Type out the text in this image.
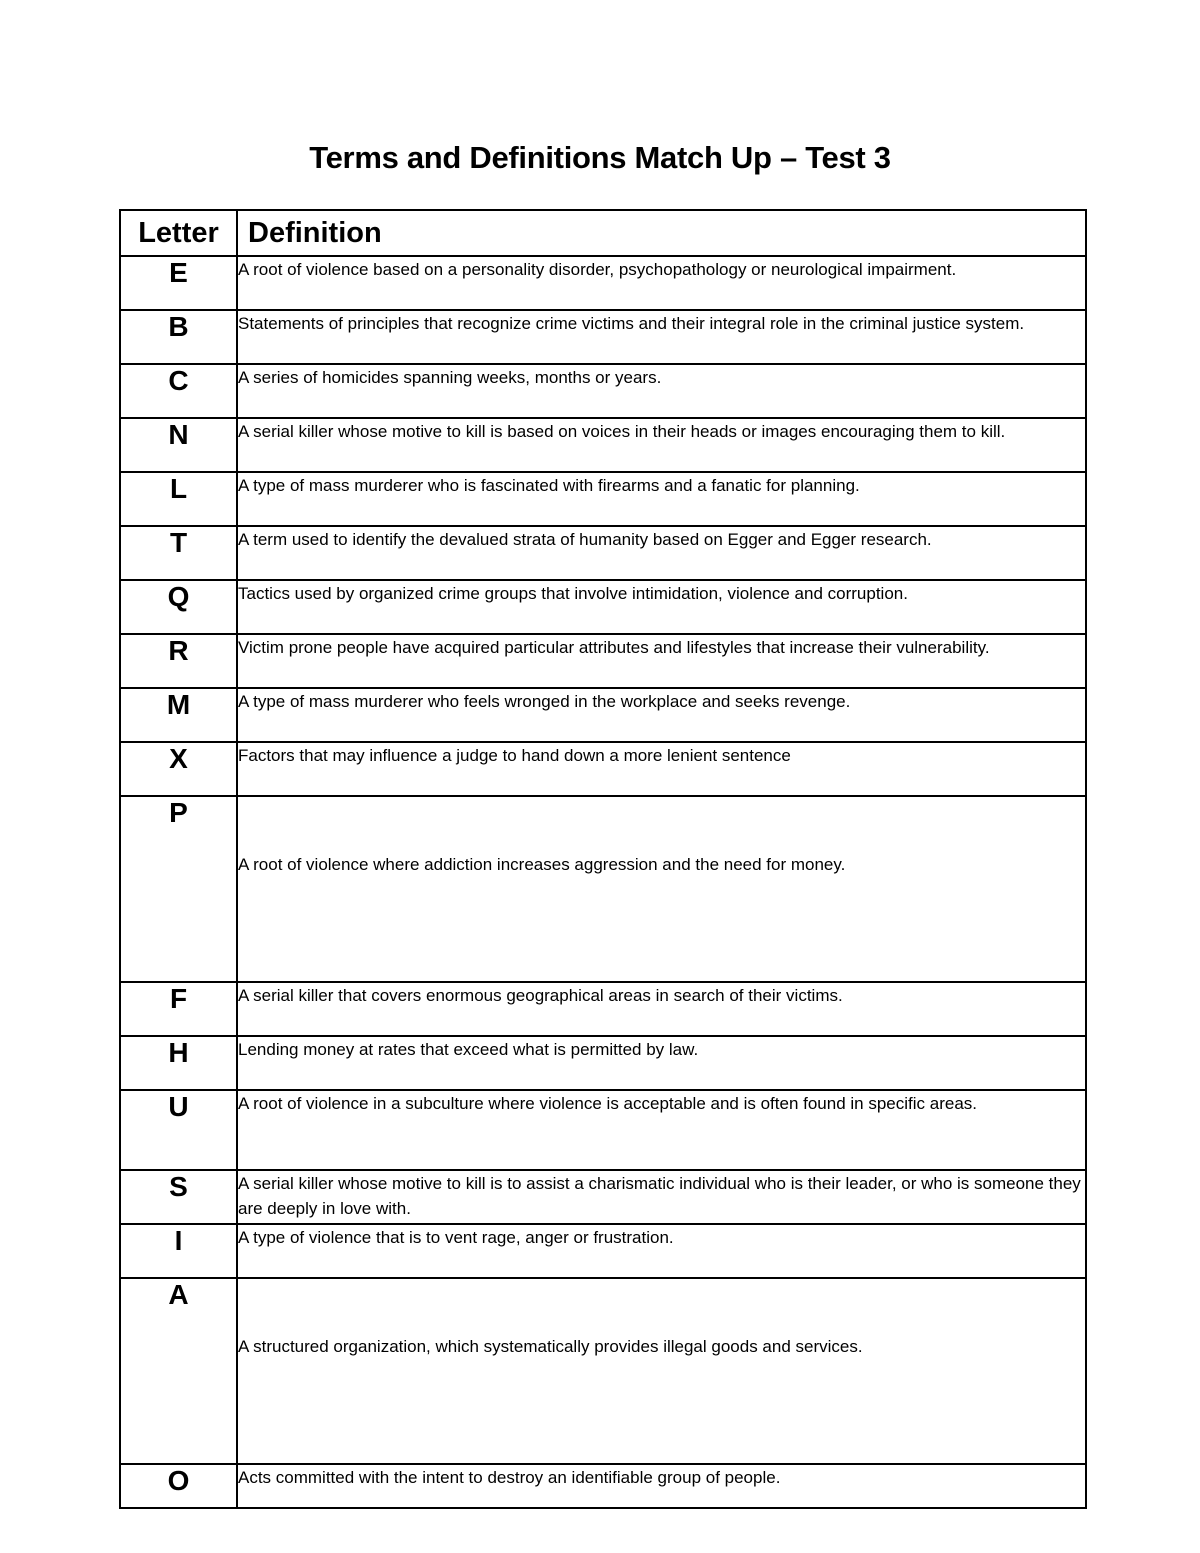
Terms and Definitions Match Up – Test 3
Letter	Definition
E	A root of violence based on a personality disorder, psychopathology or neurological impairment.
B	Statements of principles that recognize crime victims and their integral role in the criminal justice system.
C	A series of homicides spanning weeks, months or years.
N	A serial killer whose motive to kill is based on voices in their heads or images encouraging them to kill.
L	A type of mass murderer who is fascinated with firearms and a fanatic for planning.
T	A term used to identify the devalued strata of humanity based on Egger and Egger research.
Q	Tactics used by organized crime groups that involve intimidation, violence and corruption.
R	Victim prone people have acquired particular attributes and lifestyles that increase their vulnerability.
M	A type of mass murderer who feels wronged in the workplace and seeks revenge.
X	Factors that may influence a judge to hand down a more lenient sentence
P	A root of violence where addiction increases aggression and the need for money.
F	A serial killer that covers enormous geographical areas in search of their victims.
H	Lending money at rates that exceed what is permitted by law.
U	A root of violence in a subculture where violence is acceptable and is often found in specific areas.
S	A serial killer whose motive to kill is to assist a charismatic individual who is their leader, or who is someone they are deeply in love with.
I	A type of violence that is to vent rage, anger or frustration.
A	A structured organization, which systematically provides illegal goods and services.
O	Acts committed with the intent to destroy an identifiable group of people.
